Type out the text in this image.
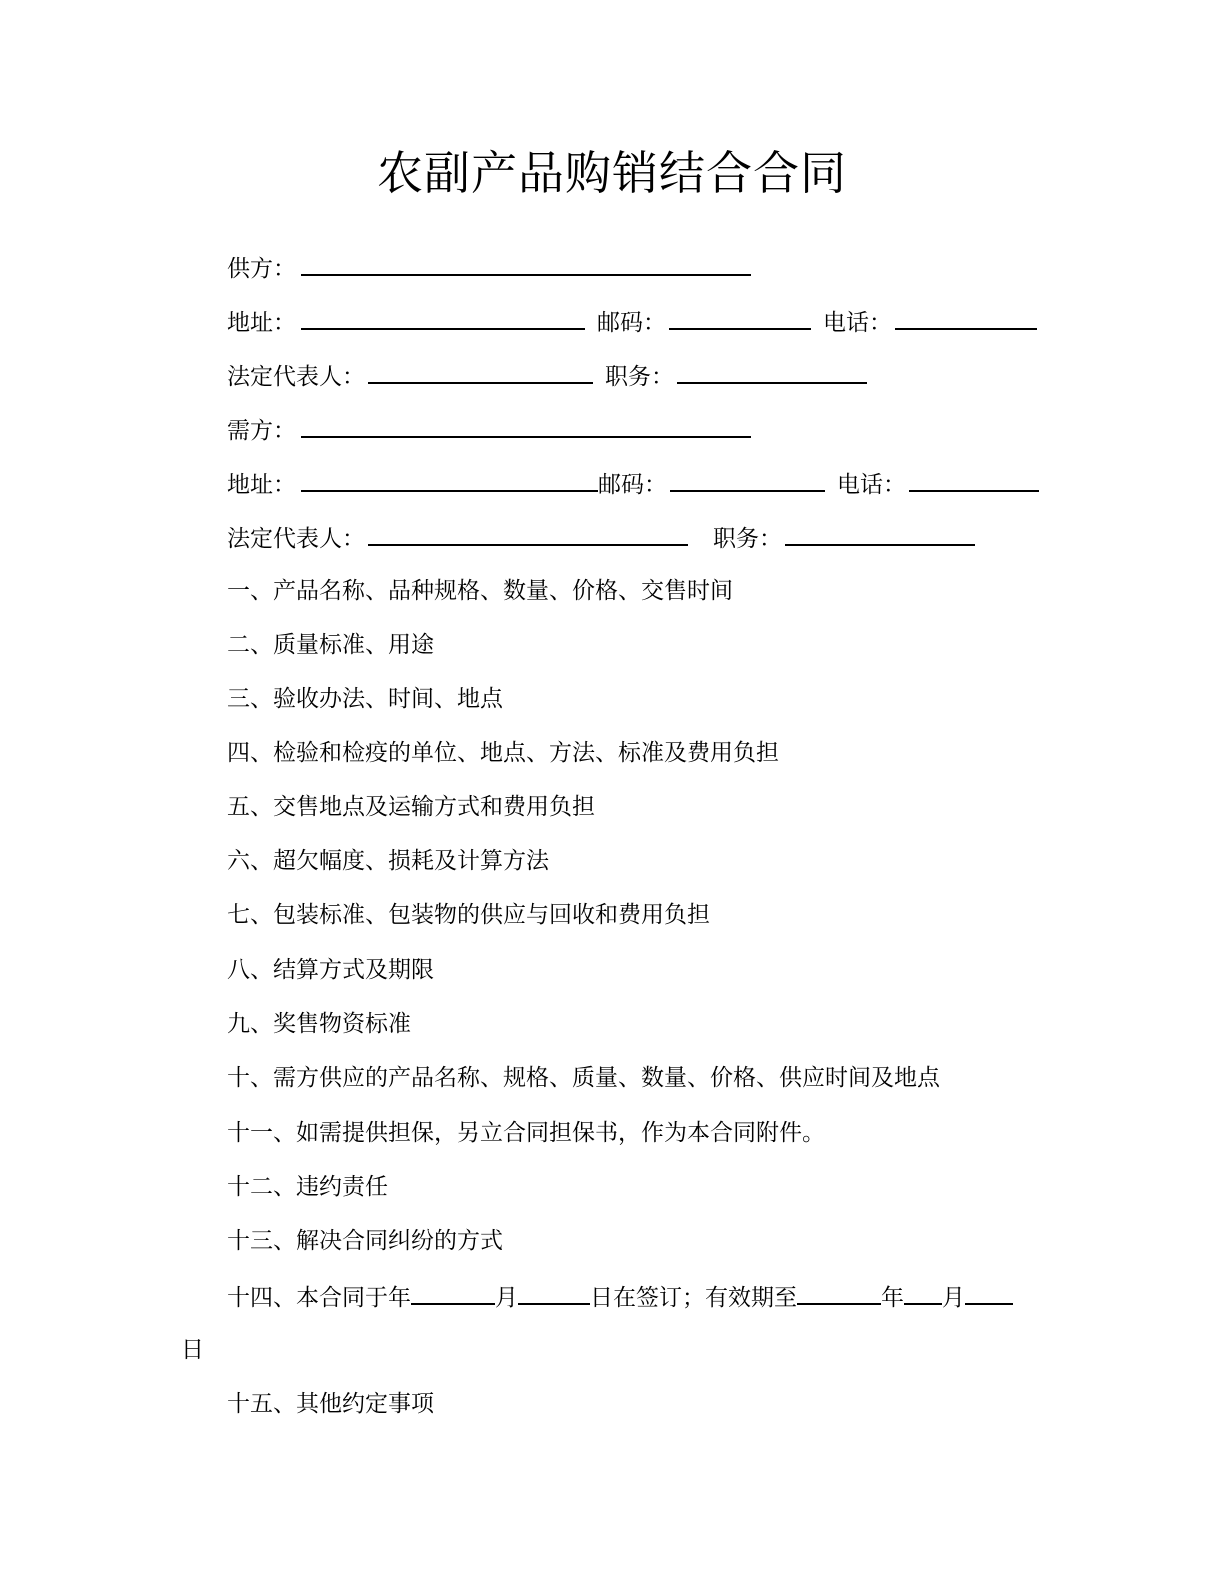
农副产品购销结合合同
供方：
地址：	邮码：	电话：
法定代表人：	职务：
需方：
地址：	邮码：	电话：
法定代表人：	职务：
一、产品名称、品种规格、数量、价格、交售时间
二、质量标准、用途
三、验收办法、时间、地点
四、检验和检疫的单位、地点、方法、标准及费用负担
五、交售地点及运输方式和费用负担
六、超欠幅度、损耗及计算方法
七、包装标准、包装物的供应与回收和费用负担
八、结算方式及期限
九、奖售物资标准
十、需方供应的产品名称、规格、质量、数量、价格、供应时间及地点
十一、如需提供担保，另立合同担保书，作为本合同附件。
十二、违约责任
十三、解决合同纠纷的方式
十四、本合同于年	月	日在签订；有效期至	年 月
日
十五、其他约定事项
